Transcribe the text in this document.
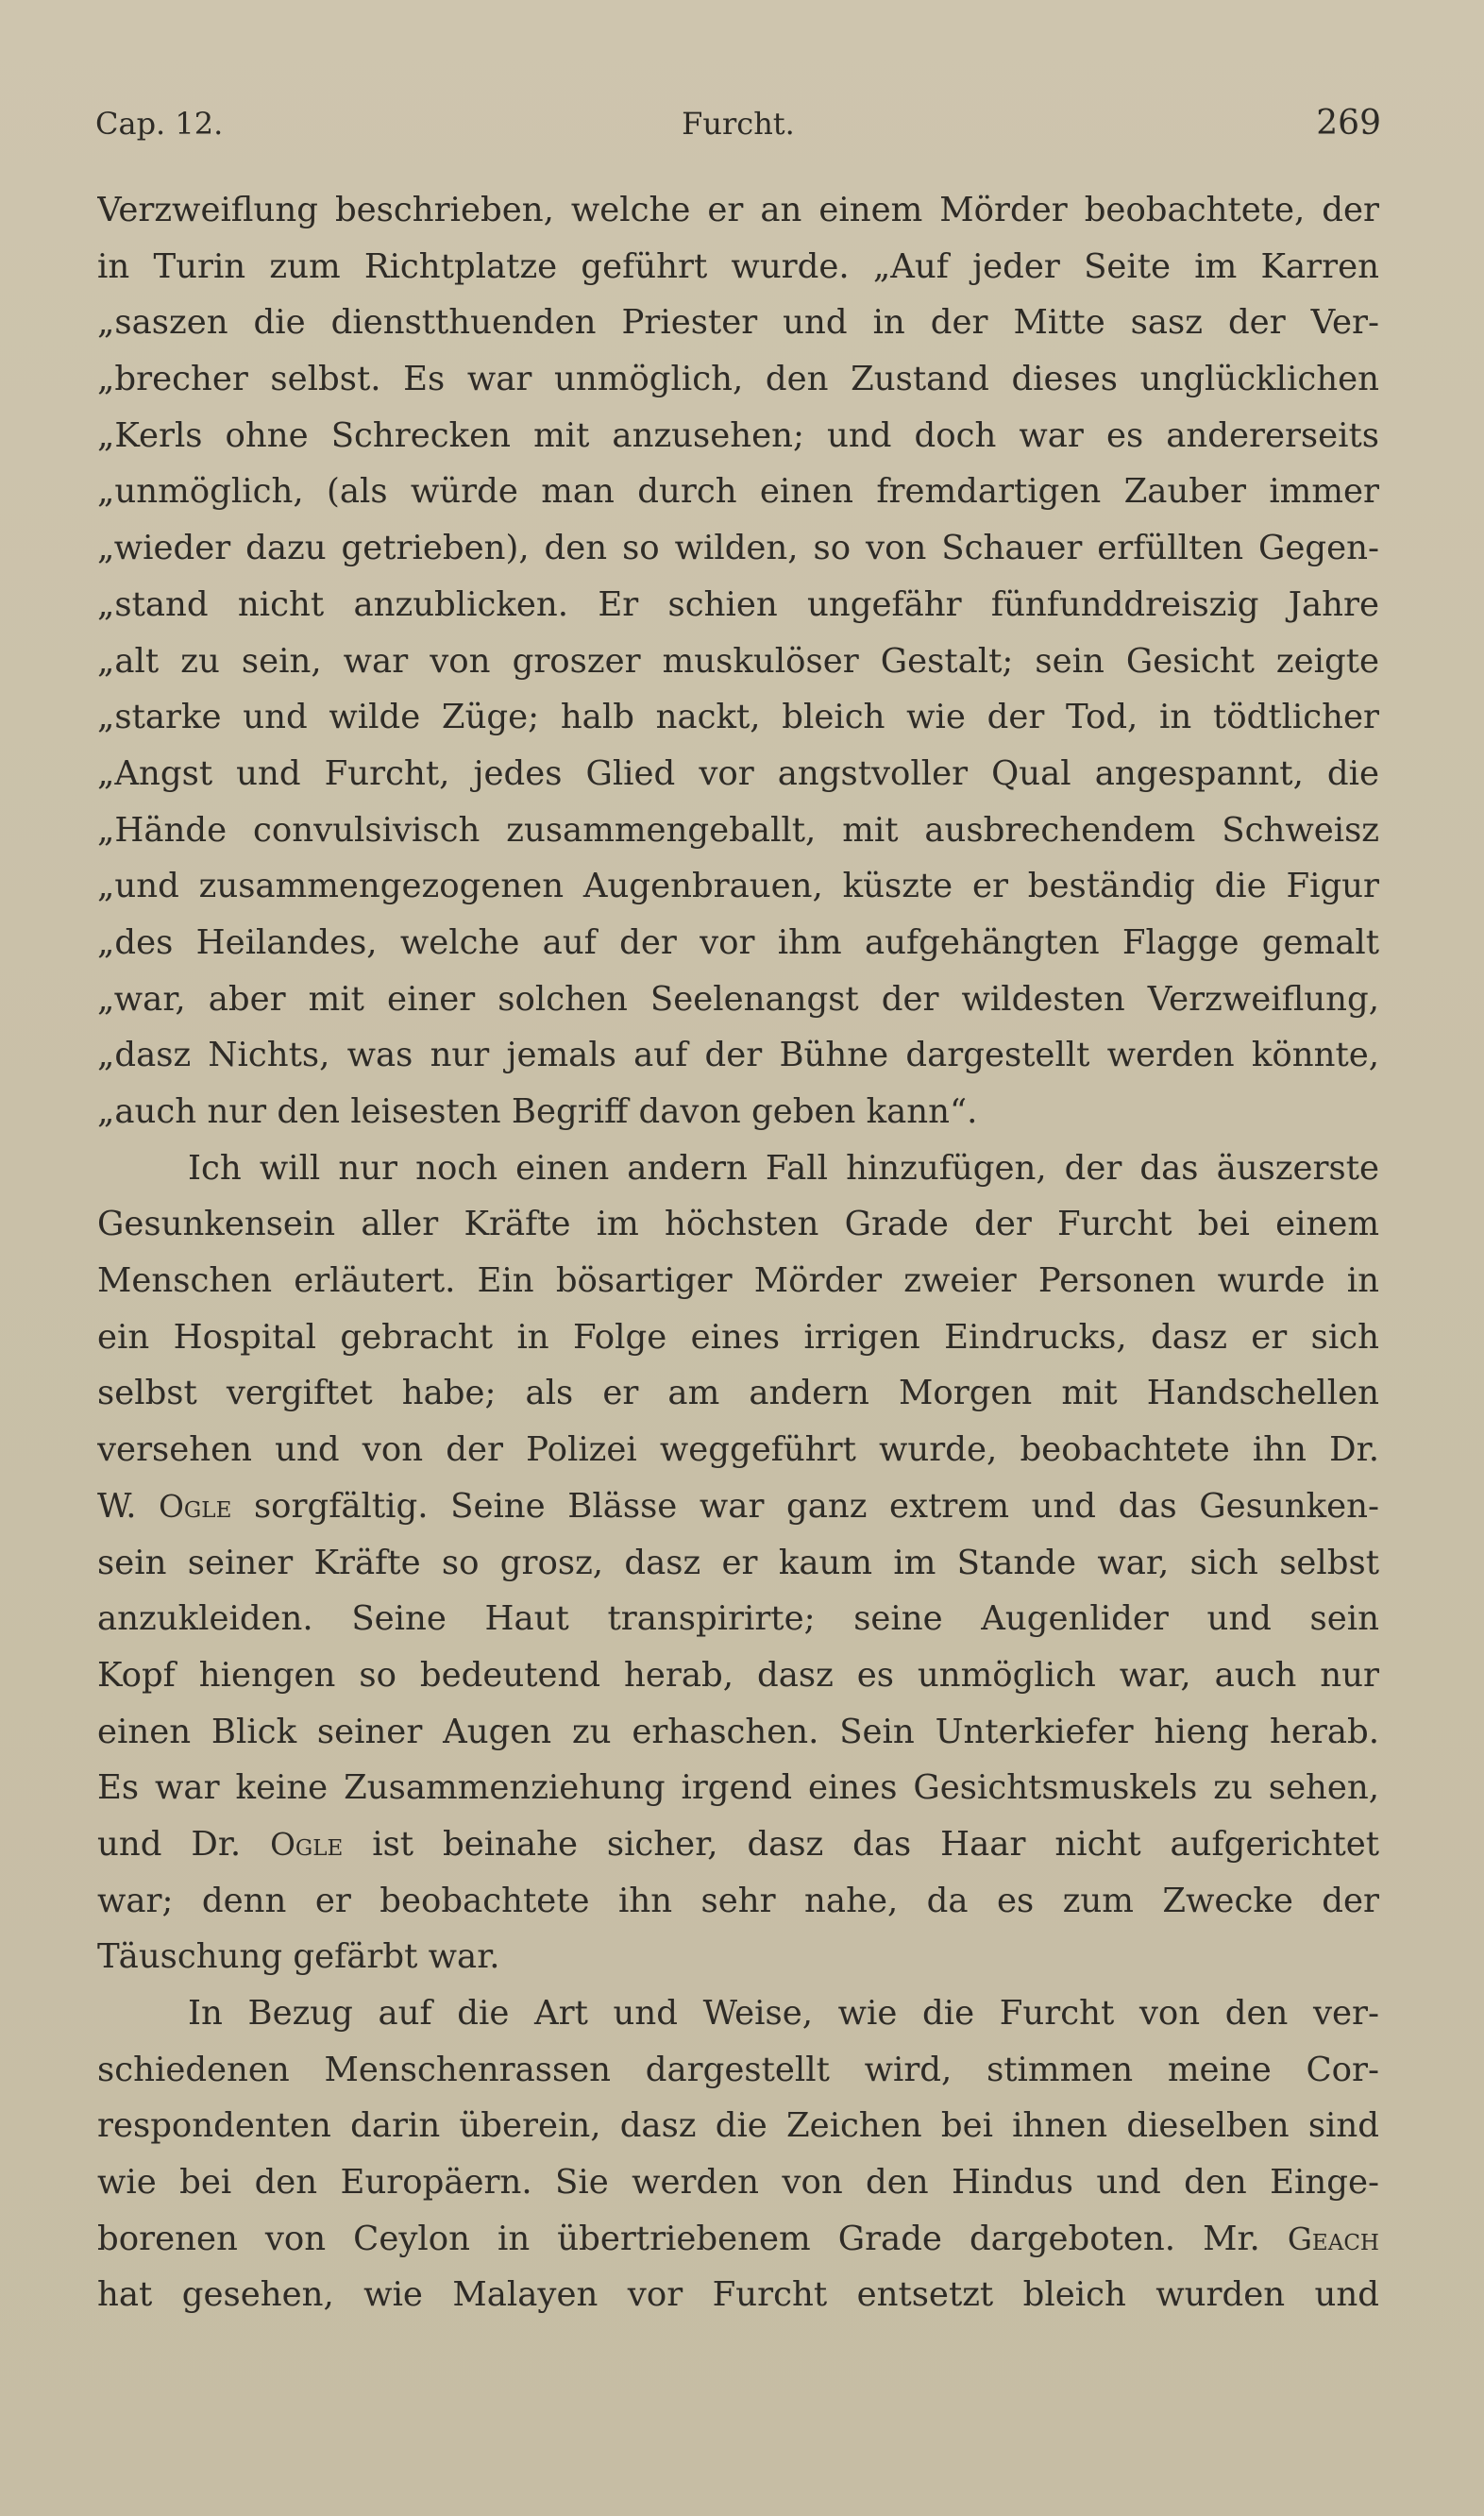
Cap. 12.	Furcht.	269
Verzweiflung beschrieben, welche er an einem Mörder beobachtete, der
in Turin zum Richtplatze geführt wurde. „Auf jeder Seite im Karren
„saszen die dienstthuenden Priester und in der Mitte sasz der Ver-
„brecher selbst. Es war unmöglich, den Zustand dieses unglücklichen
„Kerls ohne Schrecken mit anzusehen; und doch war es andererseits
„unmöglich, (als würde man durch einen fremdartigen Zauber immer
„wieder dazu getrieben), den so wilden, so von Schauer erfüllten Gegen-
„stand nicht anzublicken. Er schien ungefähr fünfunddreiszig Jahre
„alt zu sein, war von groszer muskulöser Gestalt; sein Gesicht zeigte
„starke und wilde Züge; halb nackt, bleich wie der Tod, in tödtlicher
„Angst und Furcht, jedes Glied vor angstvoller Qual angespannt, die
„Hände convulsivisch zusammengeballt, mit ausbrechendem Schweisz
„und zusammengezogenen Augenbrauen, küszte er beständig die Figur
„des Heilandes, welche auf der vor ihm aufgehängten Flagge gemalt
„war, aber mit einer solchen Seelenangst der wildesten Verzweiflung,
„dasz Nichts, was nur jemals auf der Bühne dargestellt werden könnte,
„auch nur den leisesten Begriff davon geben kann“.
Ich will nur noch einen andern Fall hinzufügen, der das äuszerste
Gesunkensein aller Kräfte im höchsten Grade der Furcht bei einem
Menschen erläutert. Ein bösartiger Mörder zweier Personen wurde in
ein Hospital gebracht in Folge eines irrigen Eindrucks, dasz er sich
selbst vergiftet habe; als er am andern Morgen mit Handschellen
versehen und von der Polizei weggeführt wurde, beobachtete ihn Dr.
W. Ogle sorgfältig. Seine Blässe war ganz extrem und das Gesunken-
sein seiner Kräfte so grosz, dasz er kaum im Stande war, sich selbst
anzukleiden. Seine Haut transpirirte; seine Augenlider und sein
Kopf hiengen so bedeutend herab, dasz es unmöglich war, auch nur
einen Blick seiner Augen zu erhaschen. Sein Unterkiefer hieng herab.
Es war keine Zusammenziehung irgend eines Gesichtsmuskels zu sehen,
und Dr. Ogle ist beinahe sicher, dasz das Haar nicht aufgerichtet
war; denn er beobachtete ihn sehr nahe, da es zum Zwecke der
Täuschung gefärbt war.
In Bezug auf die Art und Weise, wie die Furcht von den ver-
schiedenen Menschenrassen dargestellt wird, stimmen meine Cor-
respondenten darin überein, dasz die Zeichen bei ihnen dieselben sind
wie bei den Europäern. Sie werden von den Hindus und den Einge-
borenen von Ceylon in übertriebenem Grade dargeboten. Mr. Geach
hat gesehen, wie Malayen vor Furcht entsetzt bleich wurden und
